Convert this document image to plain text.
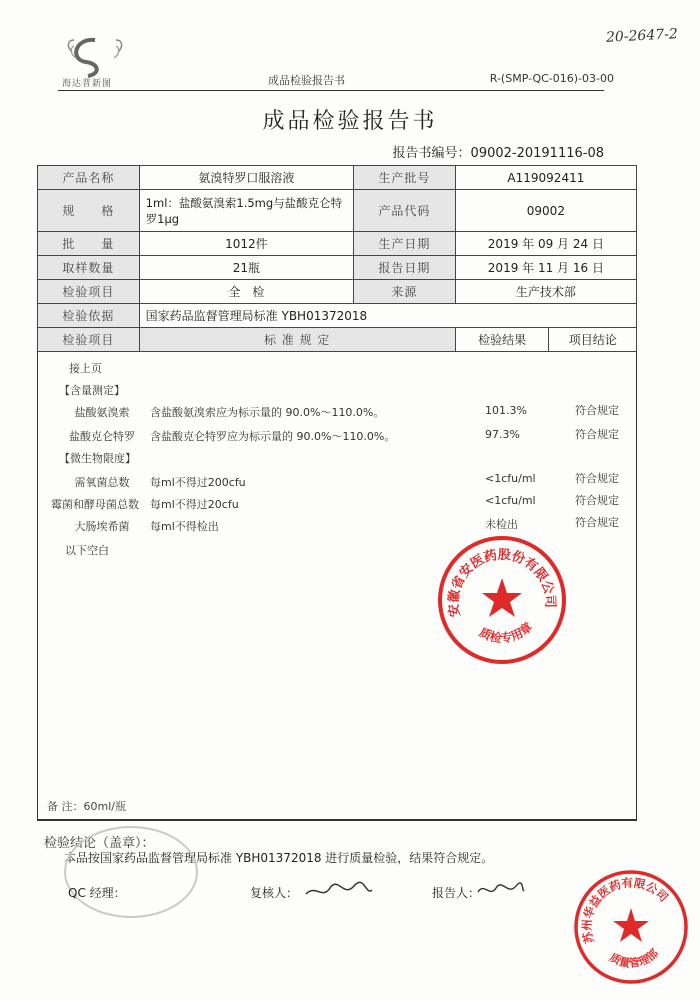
20-2647-2
海达普新图	成品检验报告书	R-(SMP-QC-016)-03-00
成品检验报告书
报告书编号：09002-20191116-08
产品名称	氨溴特罗口服溶液	生产批号	A119092411	
规　　格	1ml：盐酸氨溴索1.5mg与盐酸克仑特罗1μg	产品代码	09002	
批　　量	1012件	生产日期	2019 年 09 月 24 日	
取样数量	21瓶	报告日期	2019 年 11 月 16 日	
检验项目	全　检	来源	生产技术部	
检验依据	国家药品监督管理局标准 YBH01372018			
检验项目	标 准 规 定		检验结果	项目结论
接上页
【含量测定】
盐酸氨溴索	含盐酸氨溴索应为标示量的 90.0%～110.0%。	101.3%	符合规定
盐酸克仑特罗	含盐酸克仑特罗应为标示量的 90.0%～110.0%。	97.3%	符合规定
【微生物限度】
需氧菌总数	每ml不得过200cfu	<1cfu/ml	符合规定
霉菌和酵母菌总数	每ml不得过20cfu	<1cfu/ml	符合规定
大肠埃希菌	每ml不得检出	未检出	符合规定
以下空白
安徽省安医药股份有限公司
质检专用章
备 注：60ml/瓶
检验结论（盖章）：
本品按国家药品监督管理局标准 YBH01372018 进行质量检验，结果符合规定。
QC 经理：	复核人：	报告人：
苏州华益医药有限公司
质量管理部
